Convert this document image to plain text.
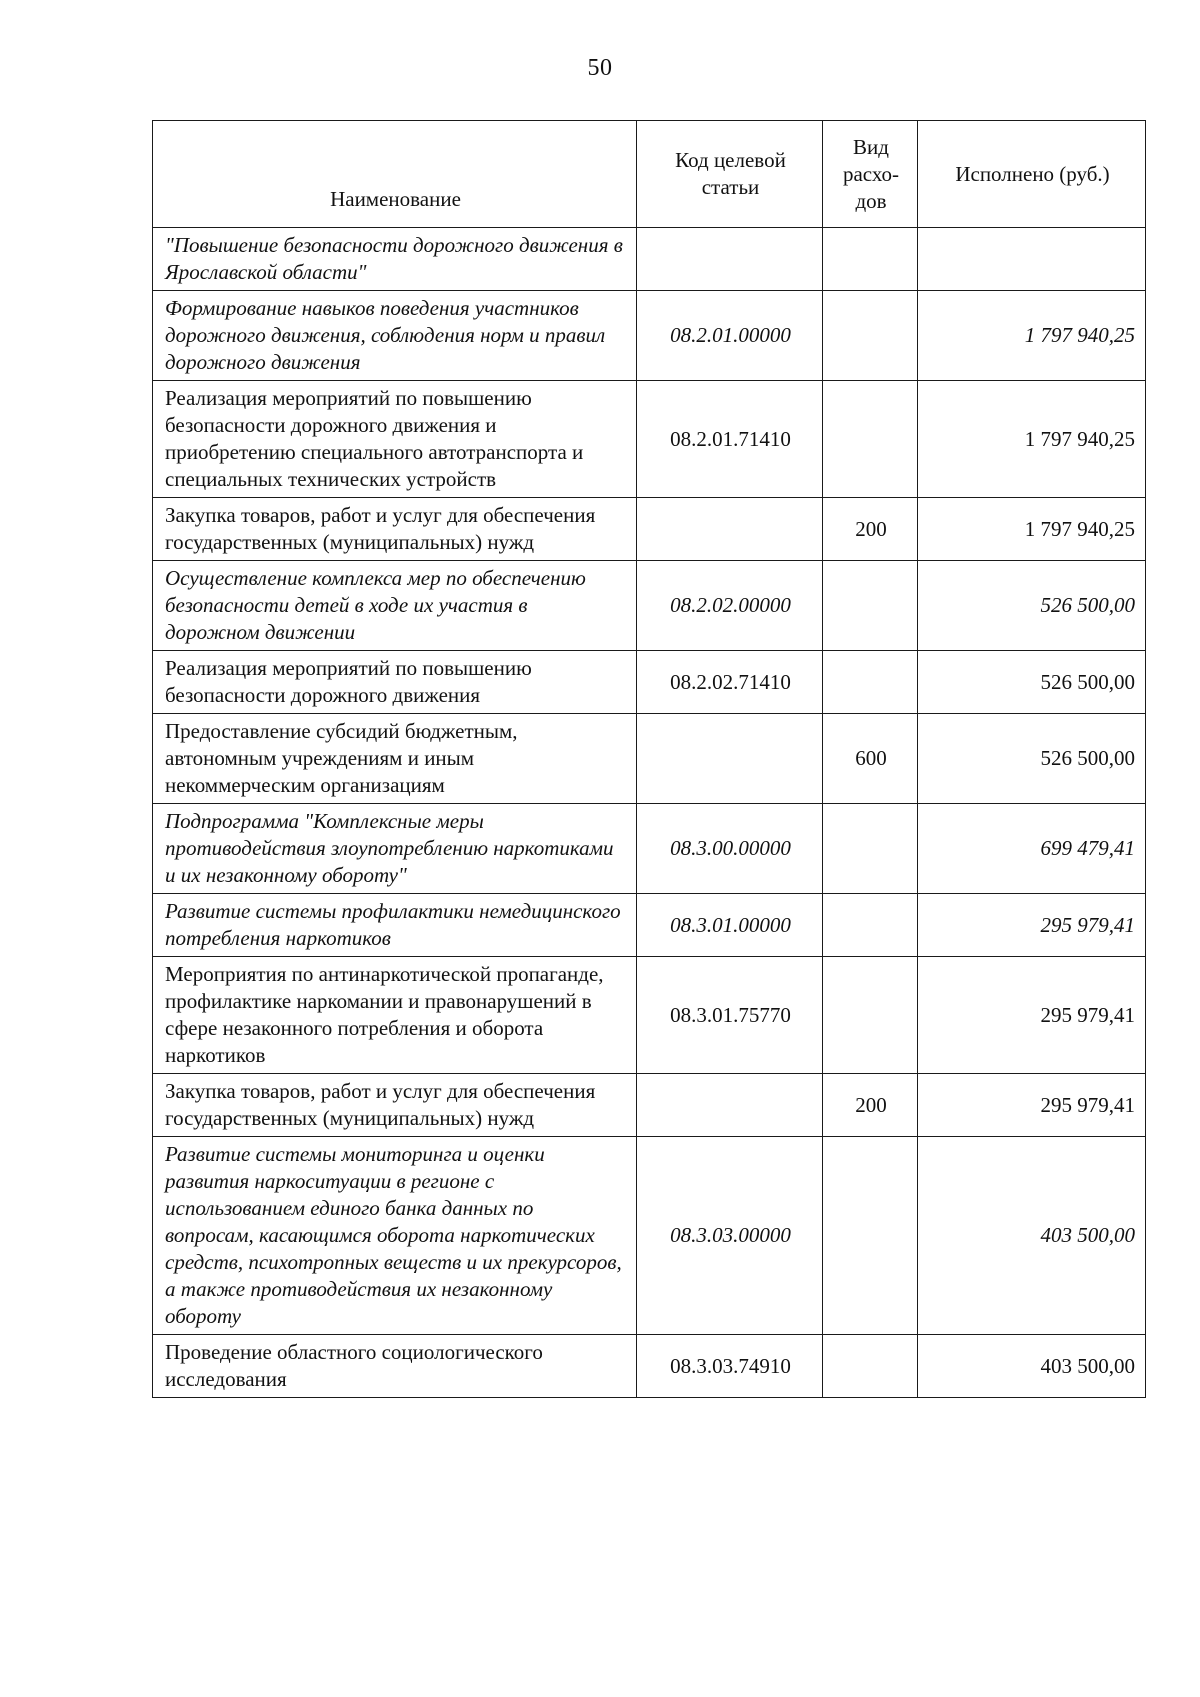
50
Наименование	Код целевой статьи	Вид расхо-дов	Исполнено (руб.)
"Повышение безопасности дорожного движения в Ярославской области"			
Формирование навыков поведения участников дорожного движения, соблюдения норм и правил дорожного движения	08.2.01.00000		1 797 940,25
Реализация мероприятий по повышению безопасности дорожного движения и приобретению специального автотранспорта и специальных технических устройств	08.2.01.71410		1 797 940,25
Закупка товаров, работ и услуг для обеспечения государственных (муниципальных) нужд		200	1 797 940,25
Осуществление комплекса мер по обеспечению безопасности детей в ходе их участия в дорожном движении	08.2.02.00000		526 500,00
Реализация мероприятий по повышению безопасности дорожного движения	08.2.02.71410		526 500,00
Предоставление субсидий бюджетным, автономным учреждениям и иным некоммерческим организациям		600	526 500,00
Подпрограмма "Комплексные меры противодействия злоупотреблению наркотиками и их незаконному обороту"	08.3.00.00000		699 479,41
Развитие системы профилактики немедицинского потребления наркотиков	08.3.01.00000		295 979,41
Мероприятия по антинаркотической пропаганде, профилактике наркомании и правонарушений в сфере незаконного потребления и оборота наркотиков	08.3.01.75770		295 979,41
Закупка товаров, работ и услуг для обеспечения государственных (муниципальных) нужд		200	295 979,41
Развитие системы мониторинга и оценки развития наркоситуации в регионе с использованием единого банка данных по вопросам, касающимся оборота наркотических средств, психотропных веществ и их прекурсоров, а также противодействия их незаконному обороту	08.3.03.00000		403 500,00
Проведение областного социологического исследования	08.3.03.74910		403 500,00
